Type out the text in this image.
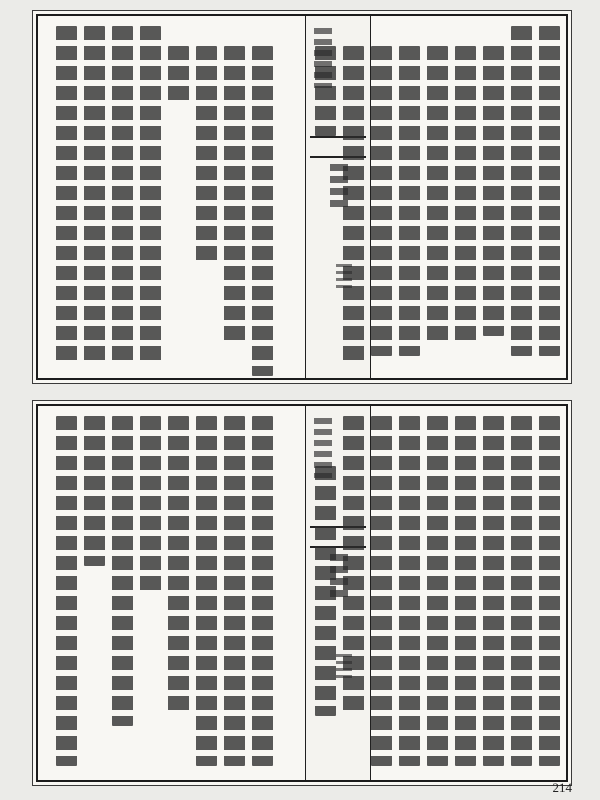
214
